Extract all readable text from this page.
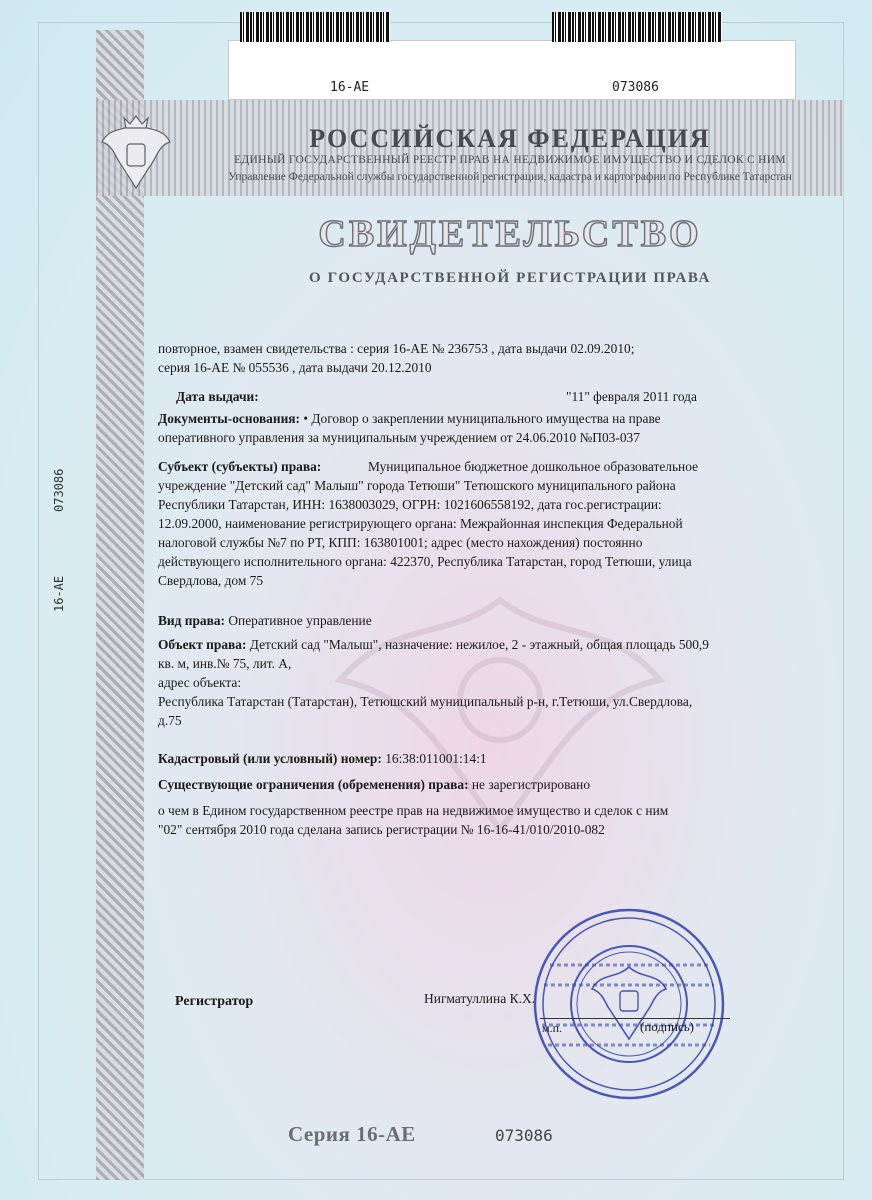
16-AE	073086
РОССИЙСКАЯ ФЕДЕРАЦИЯ
ЕДИНЫЙ ГОСУДАРСТВЕННЫЙ РЕЕСТР ПРАВ НА НЕДВИЖИМОЕ ИМУЩЕСТВО И СДЕЛОК С НИМ
Управление Федеральной службы государственной регистрации, кадастра и картографии по Республике Татарстан
СВИДЕТЕЛЬСТВО
О ГОСУДАРСТВЕННОЙ РЕГИСТРАЦИИ ПРАВА
16-AE
073086
повторное, взамен свидетельства : серия 16-АЕ № 236753 , дата выдачи 02.09.2010;
серия 16-АЕ № 055536 , дата выдачи 20.12.2010
Дата выдачи:	"11" февраля 2011 года
Документы-основания: • Договор о закреплении муниципального имущества на праве
оперативного управления за муниципальным учреждением от 24.06.2010 №П03-037
Субъект (субъекты) права:	Муниципальное бюджетное дошкольное образовательное
учреждение "Детский сад" Малыш" города Тетюши" Тетюшского муниципального района
Республики Татарстан, ИНН: 1638003029, ОГРН: 1021606558192, дата гос.регистрации:
12.09.2000, наименование регистрирующего органа: Межрайонная инспекция Федеральной
налоговой службы №7 по РТ, КПП: 163801001; адрес (место нахождения) постоянно
действующего исполнительного органа: 422370, Республика Татарстан, город Тетюши, улица
Свердлова, дом 75
Вид права: Оперативное управление
Объект права: Детский сад "Малыш", назначение: нежилое, 2 - этажный, общая площадь 500,9
кв. м, инв.№ 75, лит. А,
адрес объекта:
Республика Татарстан (Татарстан), Тетюшский муниципальный р-н, г.Тетюши, ул.Свердлова,
д.75
Кадастровый (или условный) номер: 16:38:011001:14:1
Существующие ограничения (обременения) права: не зарегистрировано
о чем в Едином государственном реестре прав на недвижимое имущество и сделок с ним
"02" сентября 2010 года сделана запись регистрации № 16-16-41/010/2010-082
Регистратор	Нигматуллина К.Х.
м.п.	(подпись)
Серия 16-АЕ	073086
